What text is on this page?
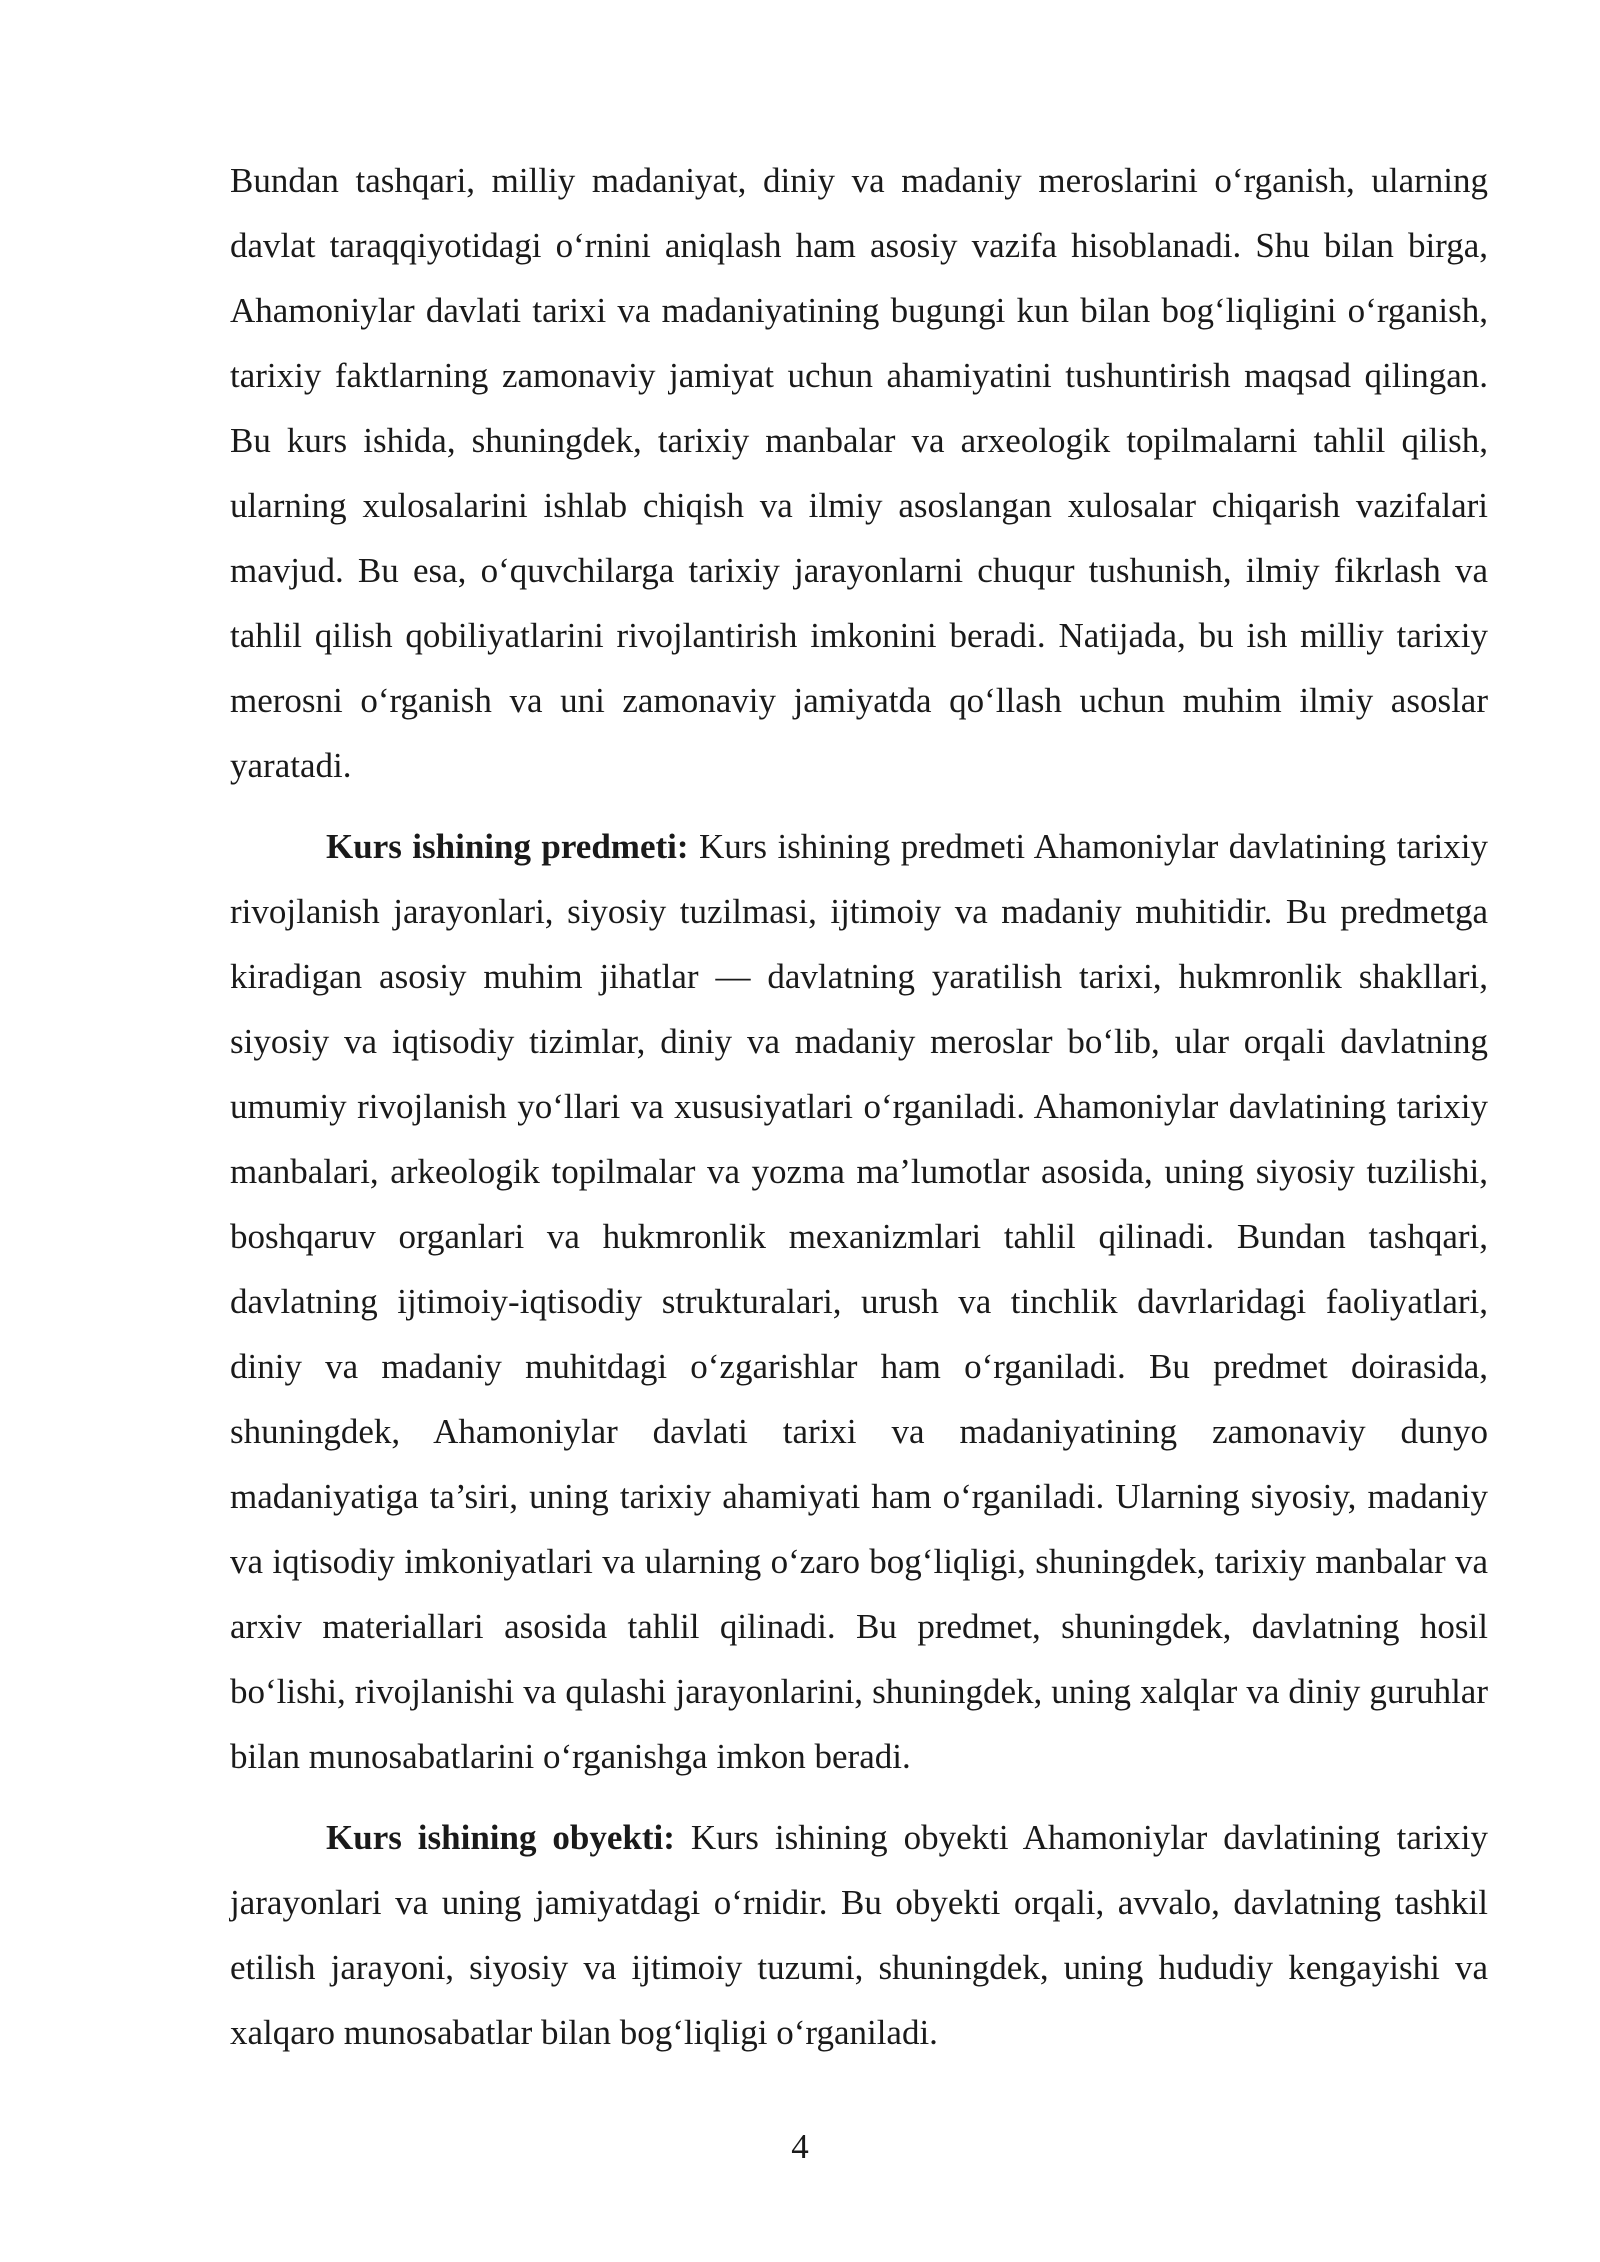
Bundan tashqari, milliy madaniyat, diniy va madaniy meroslarini o‘rganish, ularning davlat taraqqiyotidagi o‘rnini aniqlash ham asosiy vazifa hisoblanadi. Shu bilan birga, Ahamoniylar davlati tarixi va madaniyatining bugungi kun bilan bog‘liqligini o‘rganish, tarixiy faktlarning zamonaviy jamiyat uchun ahamiyatini tushuntirish maqsad qilingan. Bu kurs ishida, shuningdek, tarixiy manbalar va arxeologik topilmalarni tahlil qilish, ularning xulosalarini ishlab chiqish va ilmiy asoslangan xulosalar chiqarish vazifalari mavjud. Bu esa, o‘quvchilarga tarixiy jarayonlarni chuqur tushunish, ilmiy fikrlash va tahlil qilish qobiliyatlarini rivojlantirish imkonini beradi. Natijada, bu ish milliy tarixiy merosni o‘rganish va uni zamonaviy jamiyatda qo‘llash uchun muhim ilmiy asoslar yaratadi.

Kurs ishining predmeti: Kurs ishining predmeti Ahamoniylar davlatining tarixiy rivojlanish jarayonlari, siyosiy tuzilmasi, ijtimoiy va madaniy muhitidir. Bu predmetga kiradigan asosiy muhim jihatlar — davlatning yaratilish tarixi, hukmronlik shakllari, siyosiy va iqtisodiy tizimlar, diniy va madaniy meroslar bo‘lib, ular orqali davlatning umumiy rivojlanish yo‘llari va xususiyatlari o‘rganiladi. Ahamoniylar davlatining tarixiy manbalari, arkeologik topilmalar va yozma ma’lumotlar asosida, uning siyosiy tuzilishi, boshqaruv organlari va hukmronlik mexanizmlari tahlil qilinadi. Bundan tashqari, davlatning ijtimoiy-iqtisodiy strukturalari, urush va tinchlik davrlaridagi faoliyatlari, diniy va madaniy muhitdagi o‘zgarishlar ham o‘rganiladi. Bu predmet doirasida, shuningdek, Ahamoniylar davlati tarixi va madaniyatining zamonaviy dunyo madaniyatiga ta’siri, uning tarixiy ahamiyati ham o‘rganiladi. Ularning siyosiy, madaniy va iqtisodiy imkoniyatlari va ularning o‘zaro bog‘liqligi, shuningdek, tarixiy manbalar va arxiv materiallari asosida tahlil qilinadi. Bu predmet, shuningdek, davlatning hosil bo‘lishi, rivojlanishi va qulashi jarayonlarini, shuningdek, uning xalqlar va diniy guruhlar bilan munosabatlarini o‘rganishga imkon beradi.

Kurs ishining obyekti: Kurs ishining obyekti Ahamoniylar davlatining tarixiy jarayonlari va uning jamiyatdagi o‘rnidir. Bu obyekti orqali, avvalo, davlatning tashkil etilish jarayoni, siyosiy va ijtimoiy tuzumi, shuningdek, uning hududiy kengayishi va xalqaro munosabatlar bilan bog‘liqligi o‘rganiladi.

4
